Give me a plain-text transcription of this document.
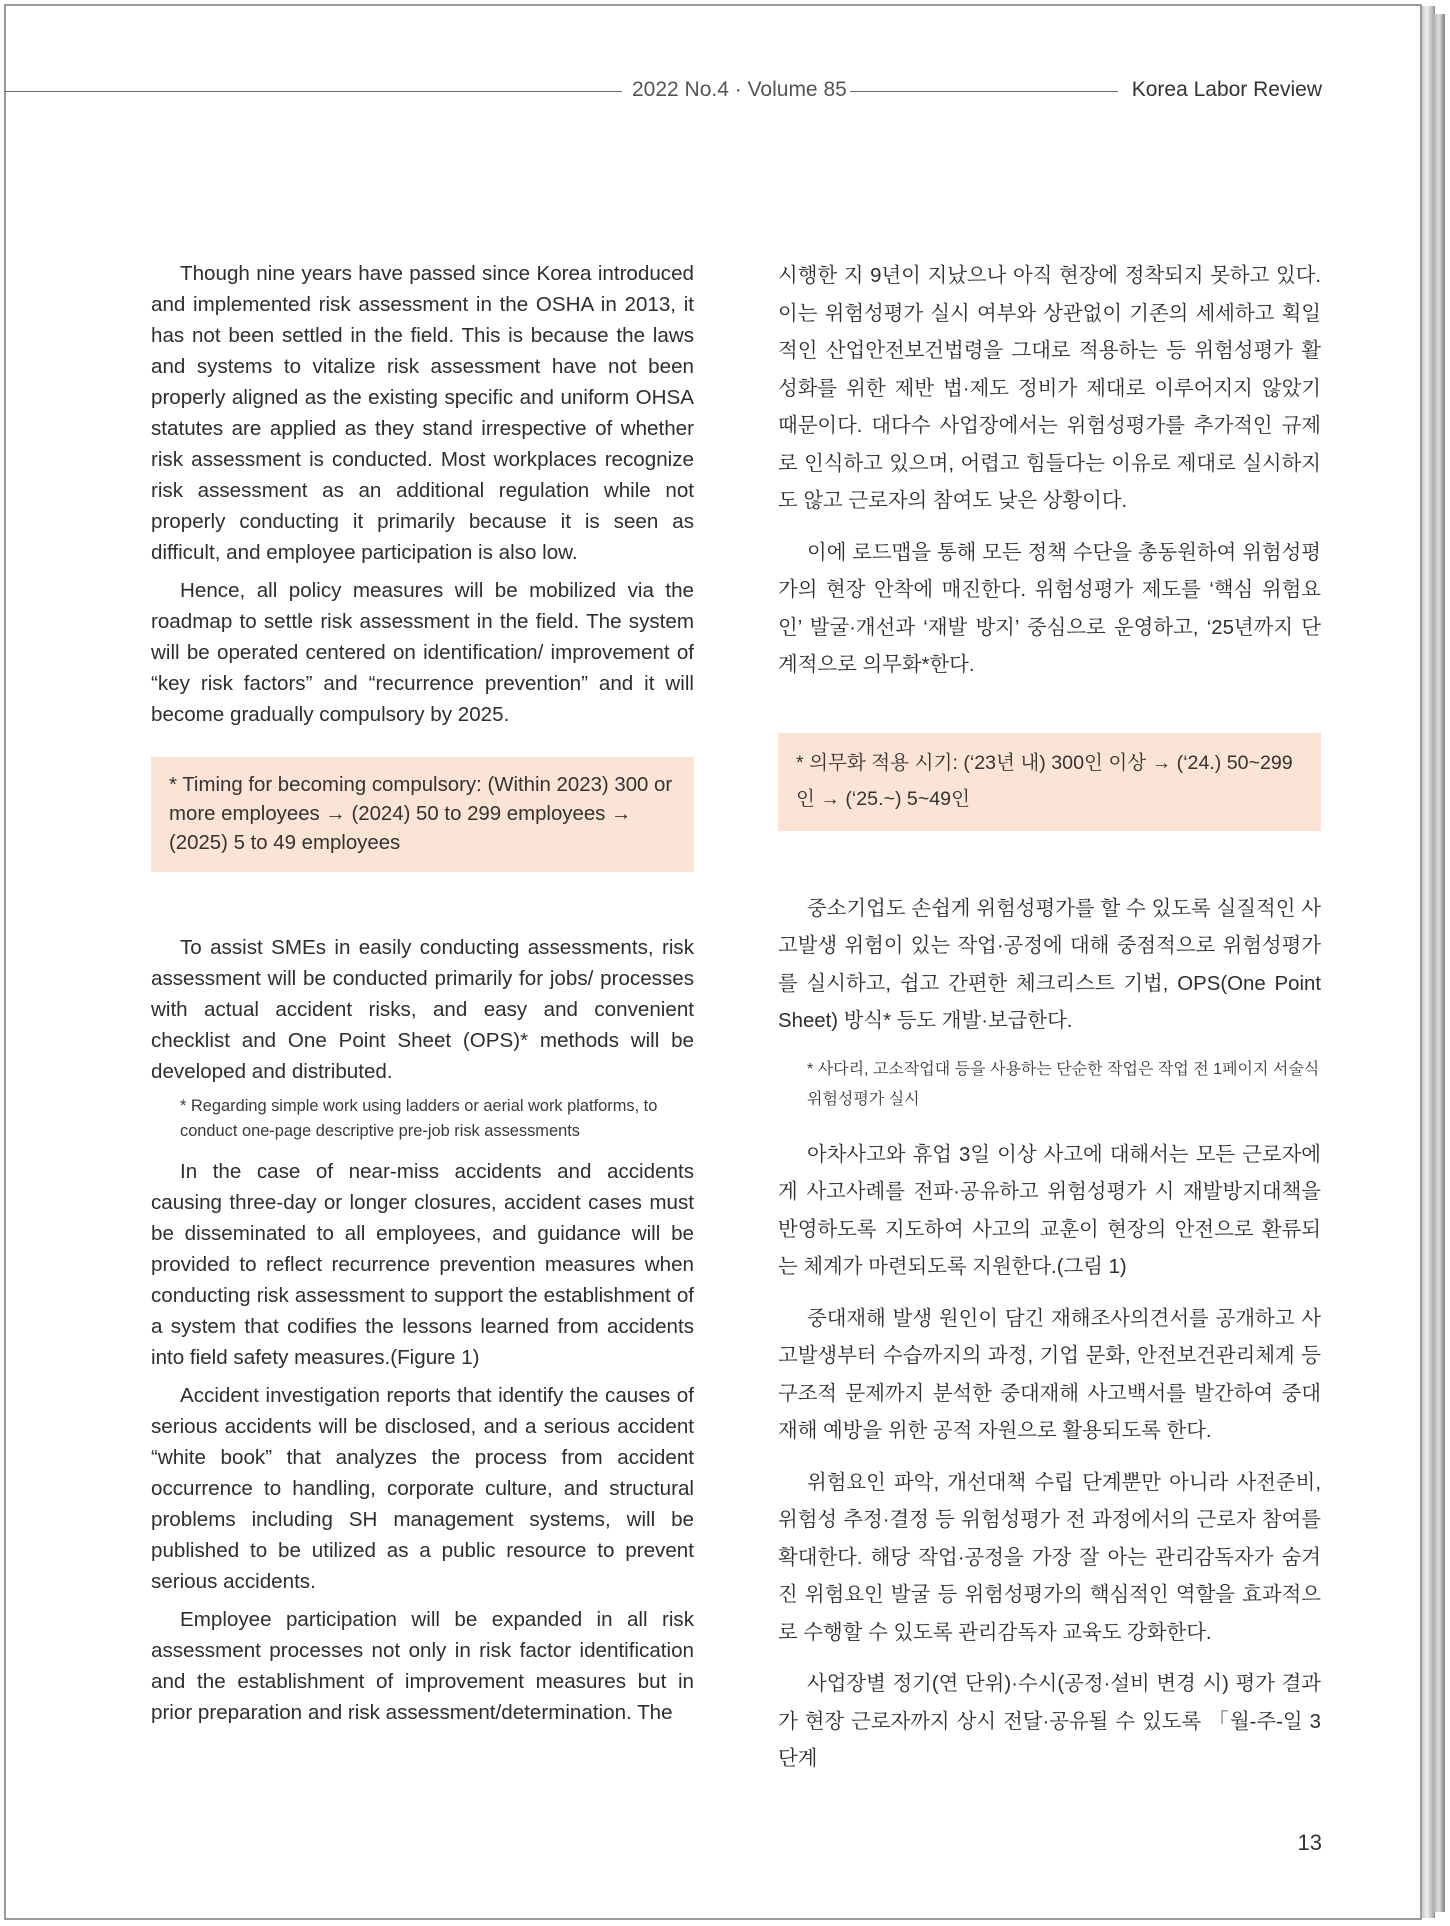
2022 No.4 · Volume 85	Korea Labor Review

Though nine years have passed since Korea introduced and implemented risk assessment in the OSHA in 2013, it has not been settled in the field. This is because the laws and systems to vitalize risk assessment have not been properly aligned as the existing specific and uniform OHSA statutes are applied as they stand irrespective of whether risk assessment is conducted. Most workplaces recognize risk assessment as an additional regulation while not properly conducting it primarily because it is seen as difficult, and employee participation is also low.

Hence, all policy measures will be mobilized via the roadmap to settle risk assessment in the field. The system will be operated centered on identification/ improvement of “key risk factors” and “recurrence prevention” and it will become gradually compulsory by 2025.

* Timing for becoming compulsory: (Within 2023) 300 or more employees → (2024) 50 to 299 employees → (2025) 5 to 49 employees

To assist SMEs in easily conducting assessments, risk assessment will be conducted primarily for jobs/ processes with actual accident risks, and easy and convenient checklist and One Point Sheet (OPS)* methods will be developed and distributed.

* Regarding simple work using ladders or aerial work platforms, to conduct one-page descriptive pre-job risk assessments

In the case of near-miss accidents and accidents causing three-day or longer closures, accident cases must be disseminated to all employees, and guidance will be provided to reflect recurrence prevention measures when conducting risk assessment to support the establishment of a system that codifies the lessons learned from accidents into field safety measures.(Figure 1)

Accident investigation reports that identify the causes of serious accidents will be disclosed, and a serious accident “white book” that analyzes the process from accident occurrence to handling, corporate culture, and structural problems including SH management systems, will be published to be utilized as a public resource to prevent serious accidents.

Employee participation will be expanded in all risk assessment processes not only in risk factor identification and the establishment of improvement measures but in prior preparation and risk assessment/determination. The

시행한 지 9년이 지났으나 아직 현장에 정착되지 못하고 있다. 이는 위험성평가 실시 여부와 상관없이 기존의 세세하고 획일적인 산업안전보건법령을 그대로 적용하는 등 위험성평가 활성화를 위한 제반 법·제도 정비가 제대로 이루어지지 않았기 때문이다. 대다수 사업장에서는 위험성평가를 추가적인 규제로 인식하고 있으며, 어렵고 힘들다는 이유로 제대로 실시하지도 않고 근로자의 참여도 낮은 상황이다.

이에 로드맵을 통해 모든 정책 수단을 총동원하여 위험성평가의 현장 안착에 매진한다. 위험성평가 제도를 ‘핵심 위험요인’ 발굴·개선과 ‘재발 방지’ 중심으로 운영하고, ‘25년까지 단계적으로 의무화*한다.

* 의무화 적용 시기: (‘23년 내) 300인 이상 → (‘24.) 50~299인 → (‘25.~) 5~49인

중소기업도 손쉽게 위험성평가를 할 수 있도록 실질적인 사고발생 위험이 있는 작업·공정에 대해 중점적으로 위험성평가를 실시하고, 쉽고 간편한 체크리스트 기법, OPS(One Point Sheet) 방식* 등도 개발·보급한다.

* 사다리, 고소작업대 등을 사용하는 단순한 작업은 작업 전 1페이지 서술식 위험성평가 실시

아차사고와 휴업 3일 이상 사고에 대해서는 모든 근로자에게 사고사례를 전파·공유하고 위험성평가 시 재발방지대책을 반영하도록 지도하여 사고의 교훈이 현장의 안전으로 환류되는 체계가 마련되도록 지원한다.(그림 1)

중대재해 발생 원인이 담긴 재해조사의견서를 공개하고 사고발생부터 수습까지의 과정, 기업 문화, 안전보건관리체계 등 구조적 문제까지 분석한 중대재해 사고백서를 발간하여 중대재해 예방을 위한 공적 자원으로 활용되도록 한다.

위험요인 파악, 개선대책 수립 단계뿐만 아니라 사전준비, 위험성 추정·결정 등 위험성평가 전 과정에서의 근로자 참여를 확대한다. 해당 작업·공정을 가장 잘 아는 관리감독자가 숨겨진 위험요인 발굴 등 위험성평가의 핵심적인 역할을 효과적으로 수행할 수 있도록 관리감독자 교육도 강화한다.

사업장별 정기(연 단위)·수시(공정·설비 변경 시) 평가 결과가 현장 근로자까지 상시 전달·공유될 수 있도록 「월-주-일 3단계

13
